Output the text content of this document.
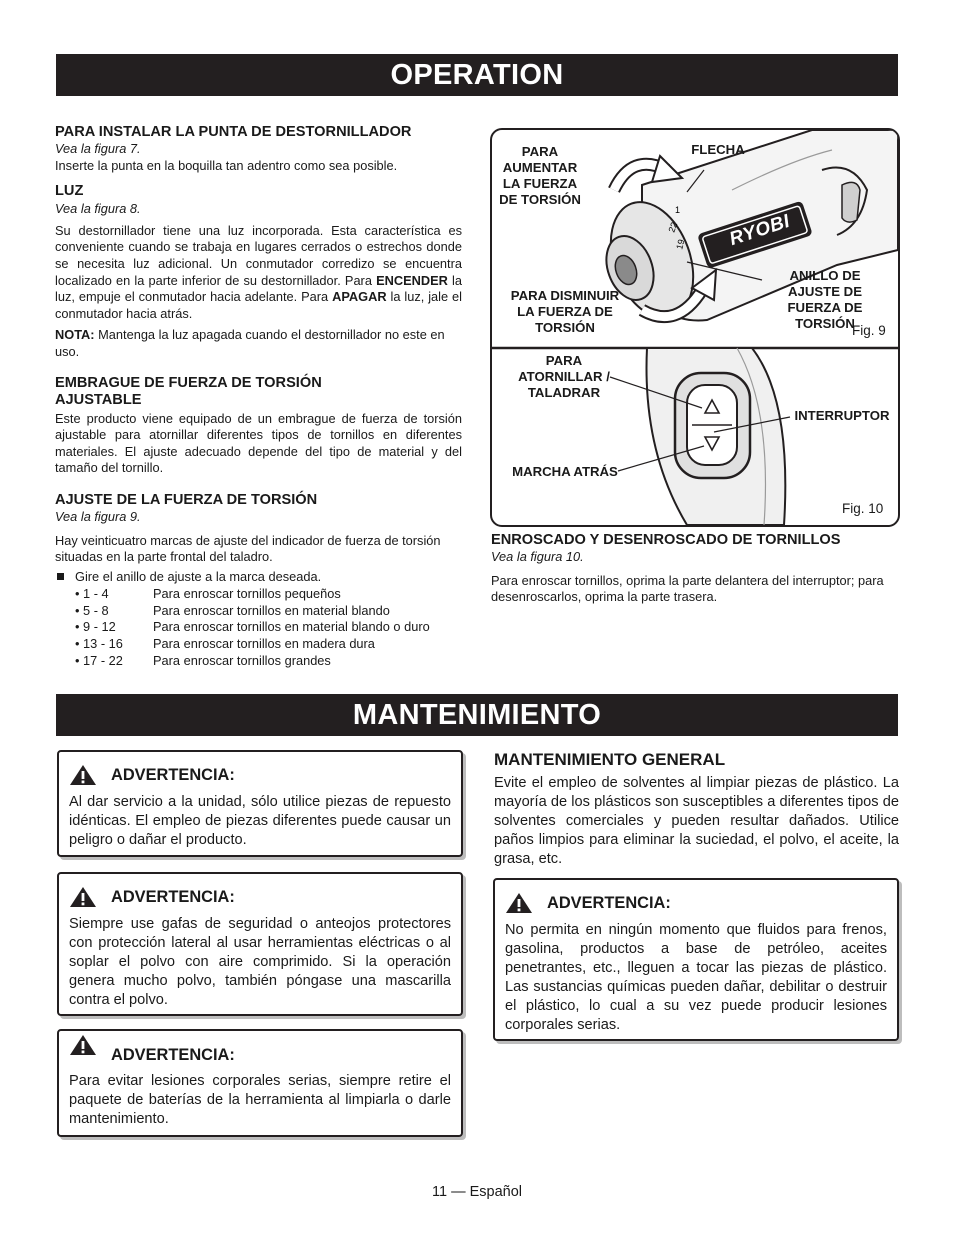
OPERATION

PARA INSTALAR LA PUNTA DE DESTORNILLADOR

Vea la figura 7.

Inserte la punta en la boquilla tan adentro como sea posible.

LUZ

Vea la figura 8.

Su destornillador tiene una luz incorporada. Esta característica es conveniente cuando se trabaja en lugares cerrados o estrechos donde se necesita luz adicional. Un conmutador corredizo se encuentra localizado en la parte inferior de su destornillador. Para ENCENDER la luz, empuje el conmutador hacia adelante. Para APAGAR la luz, jale el conmutador hacia atrás.

NOTA: Mantenga la luz apagada cuando el destornillador no este en uso.

EMBRAGUE DE FUERZA DE TORSIÓN AJUSTABLE

Este producto viene equipado de un embrague de fuerza de torsión ajustable para atornillar diferentes tipos de tornillos en diferentes materiales. El ajuste adecuado depende del tipo de material y del tamaño del tornillo.

AJUSTE DE LA FUERZA DE TORSIÓN

Vea la figura 9.

Hay veinticuatro marcas de ajuste del indicador de fuerza de torsión situadas en la parte frontal del taladro.

Gire el anillo de ajuste a la marca deseada.
• 1 - 4	Para enroscar tornillos pequeños
• 5 - 8	Para enroscar tornillos en material blando
• 9 - 12	Para enroscar tornillos en material blando o duro
• 13 - 16	Para enroscar tornillos en madera dura
• 17 - 22	Para enroscar tornillos grandes
1
22
19	RYOBI
PARA AUMENTAR LA FUERZA DE TORSIÓN
FLECHA
PARA DISMINUIR LA FUERZA DE TORSIÓN
ANILLO DE AJUSTE DE FUERZA DE TORSIÓN
Fig. 9
PARA ATORNILLAR / TALADRAR
INTERRUPTOR
MARCHA ATRÁS
Fig. 10

ENROSCADO Y DESENROSCADO DE TORNILLOS

Vea la figura 10.

Para enroscar tornillos, oprima la parte delantera del interruptor; para desenroscarlos, oprima la parte trasera.

MANTENIMIENTO
ADVERTENCIA:

Al dar servicio a la unidad, sólo utilice piezas de repuesto idénticas. El empleo de piezas diferentes puede causar un peligro o dañar el producto.

ADVERTENCIA:

Siempre use gafas de seguridad o anteojos protectores con protección lateral al usar herramientas eléctricas o al soplar el polvo con aire comprimido. Si la operación genera mucho polvo, también póngase una mascarilla contra el polvo.

ADVERTENCIA:

Para evitar lesiones corporales serias, siempre retire el paquete de baterías de la herramienta al limpiarla o darle mantenimiento.

MANTENIMIENTO GENERAL

Evite el empleo de solventes al limpiar piezas de plástico. La mayoría de los plásticos son susceptibles a diferentes tipos de solventes comerciales y pueden resultar dañados. Utilice paños limpios para eliminar la suciedad, el polvo, el aceite, la grasa, etc.

ADVERTENCIA:

No permita en ningún momento que fluidos para frenos, gasolina, productos a base de petróleo, aceites penetrantes, etc., lleguen a tocar las piezas de plástico. Las sustancias químicas pueden dañar, debilitar o destruir el plástico, lo cual a su vez puede producir lesiones corporales serias.

11 — Español
